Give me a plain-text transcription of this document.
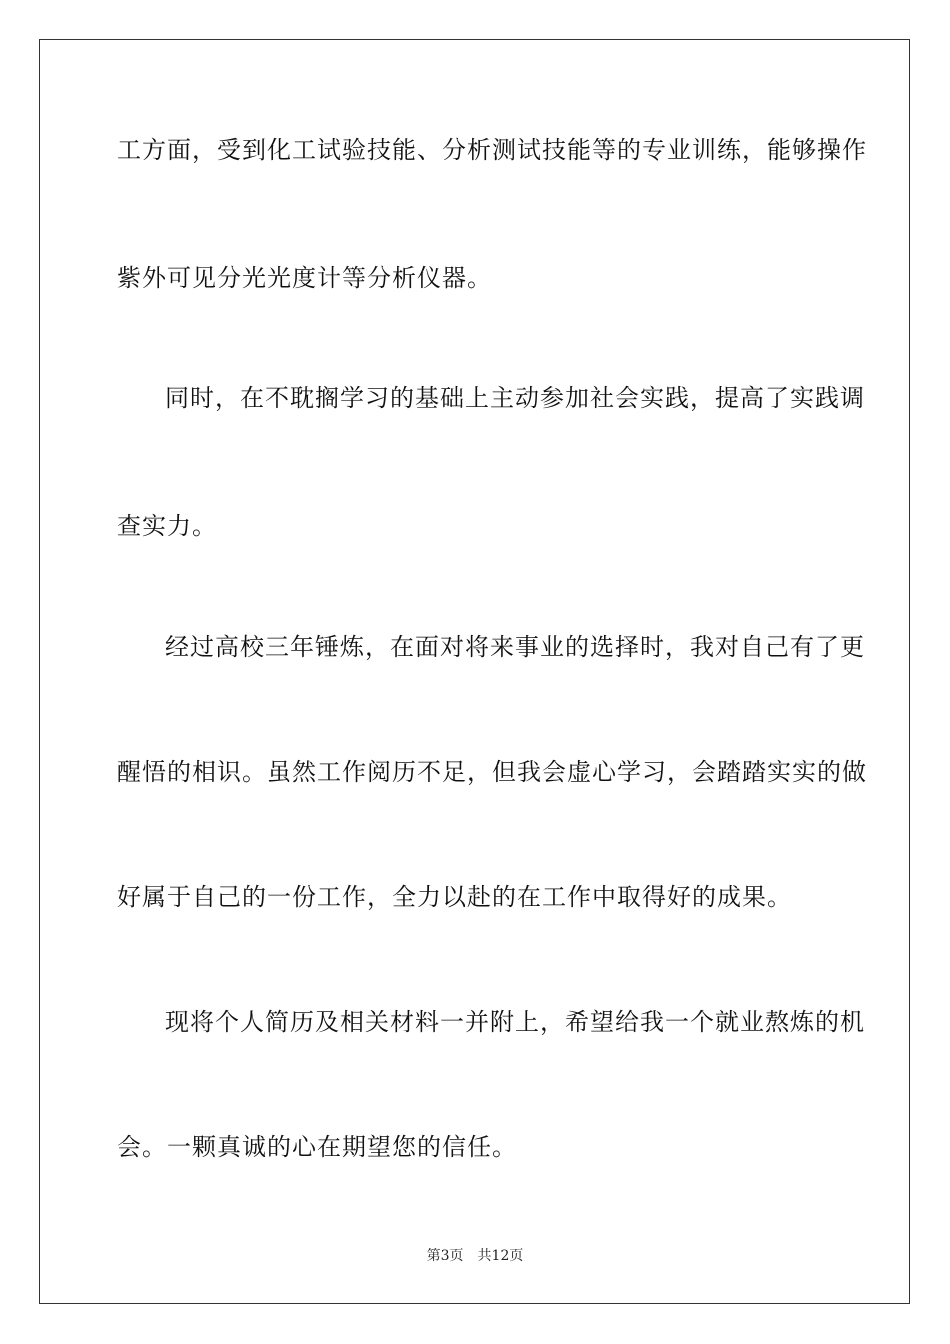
工方面，受到化工试验技能、分析测试技能等的专业训练，能够操作
紫外可见分光光度计等分析仪器。
同时，在不耽搁学习的基础上主动参加社会实践，提高了实践调
查实力。
经过高校三年锤炼，在面对将来事业的选择时，我对自己有了更
醒悟的相识。虽然工作阅历不足，但我会虚心学习，会踏踏实实的做
好属于自己的一份工作，全力以赴的在工作中取得好的成果。
现将个人简历及相关材料一并附上，希望给我一个就业熬炼的机
会。一颗真诚的心在期望您的信任。
第3页 共12页
